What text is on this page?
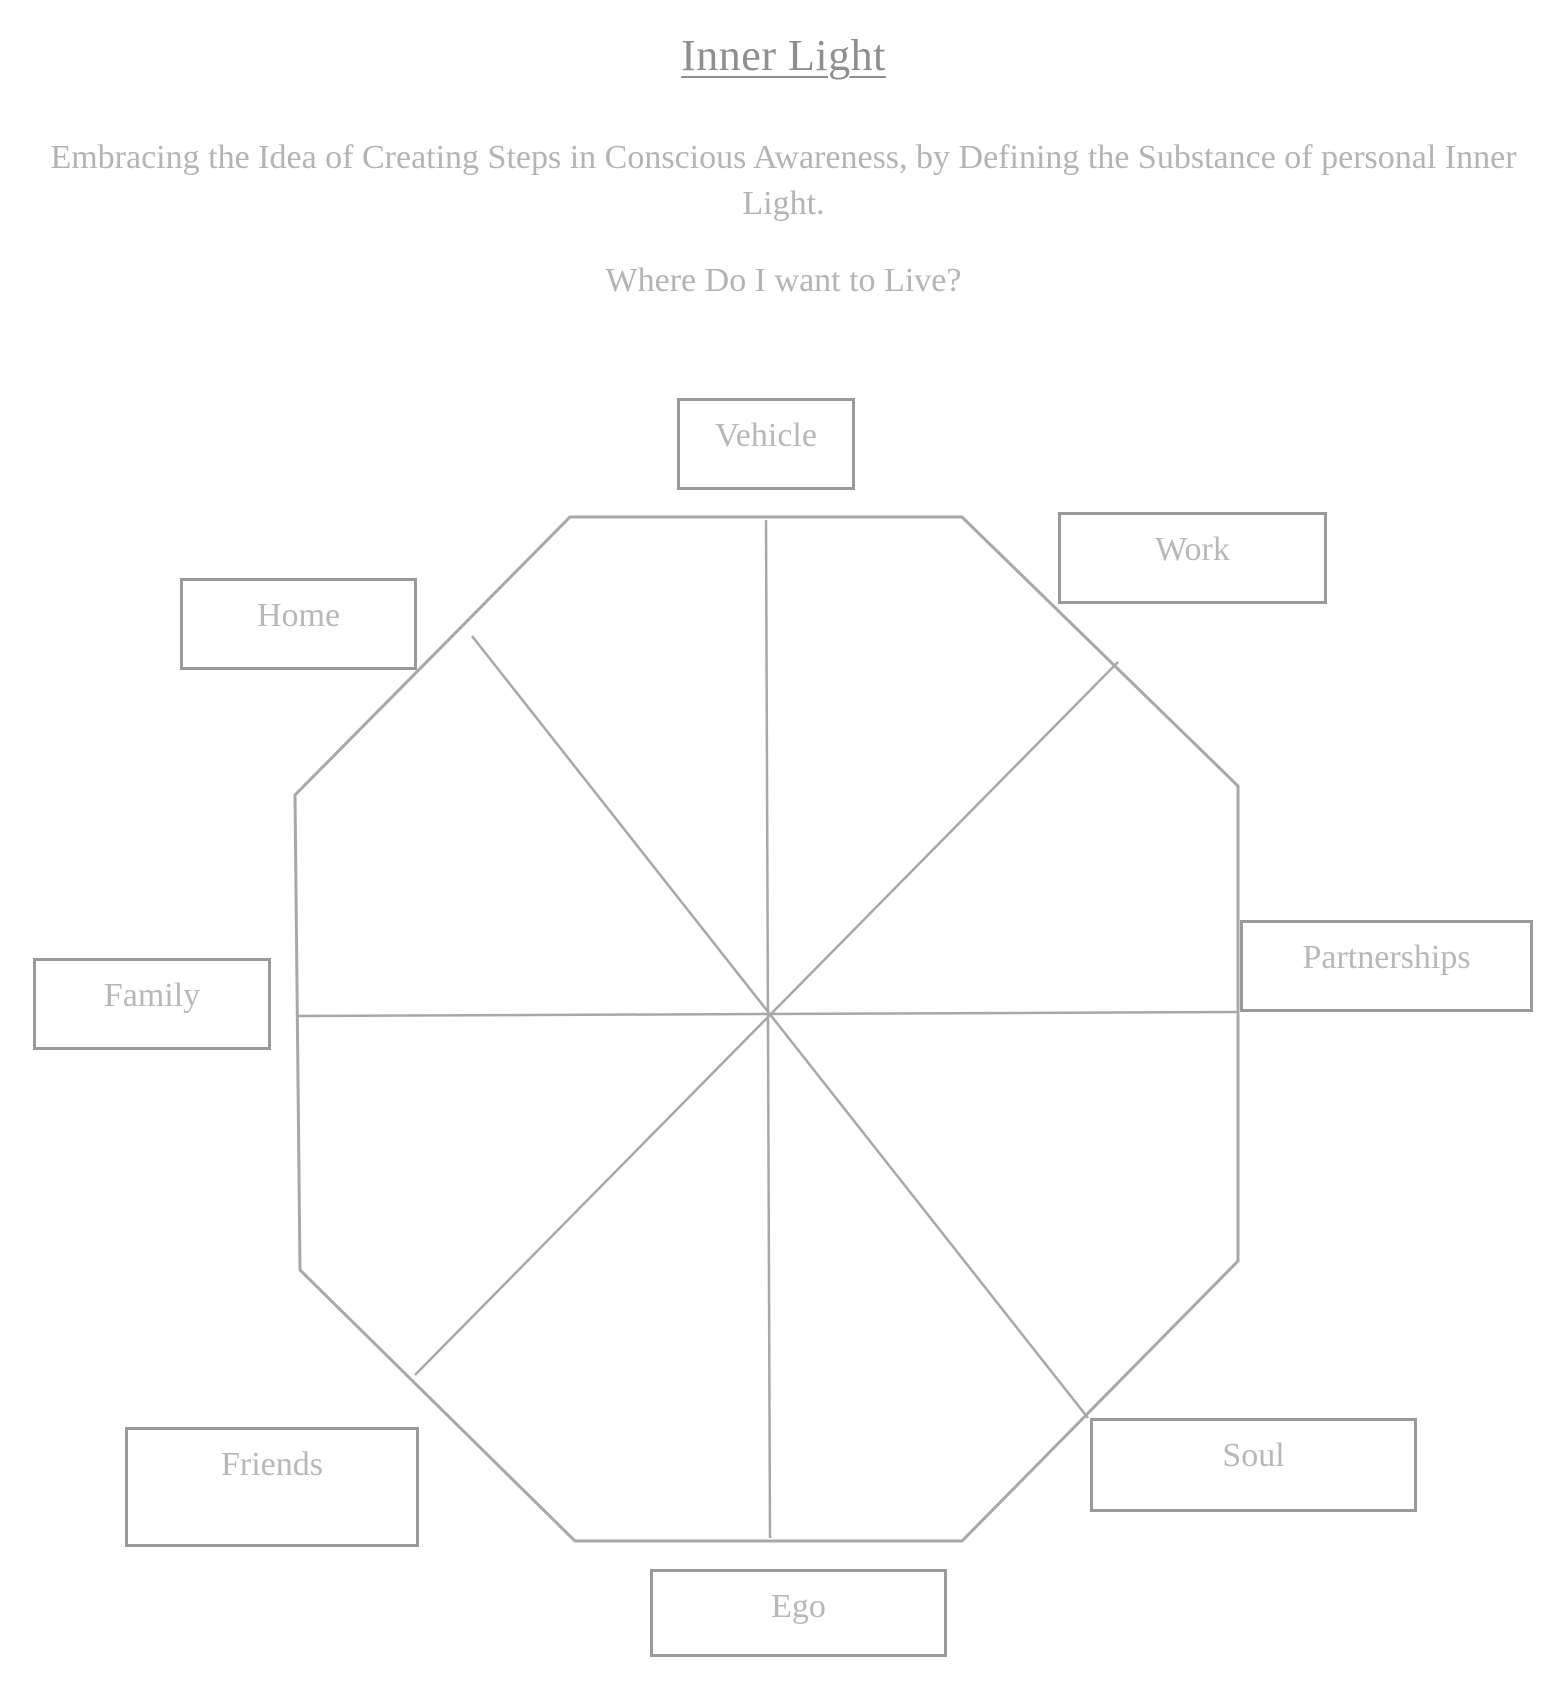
Inner Light
Embracing the Idea of Creating Steps in Conscious Awareness, by Defining the Substance of personal Inner Light.
Where Do I want to Live?
Vehicle
Work
Home
Partnerships
Family
Friends	Soul
Ego
